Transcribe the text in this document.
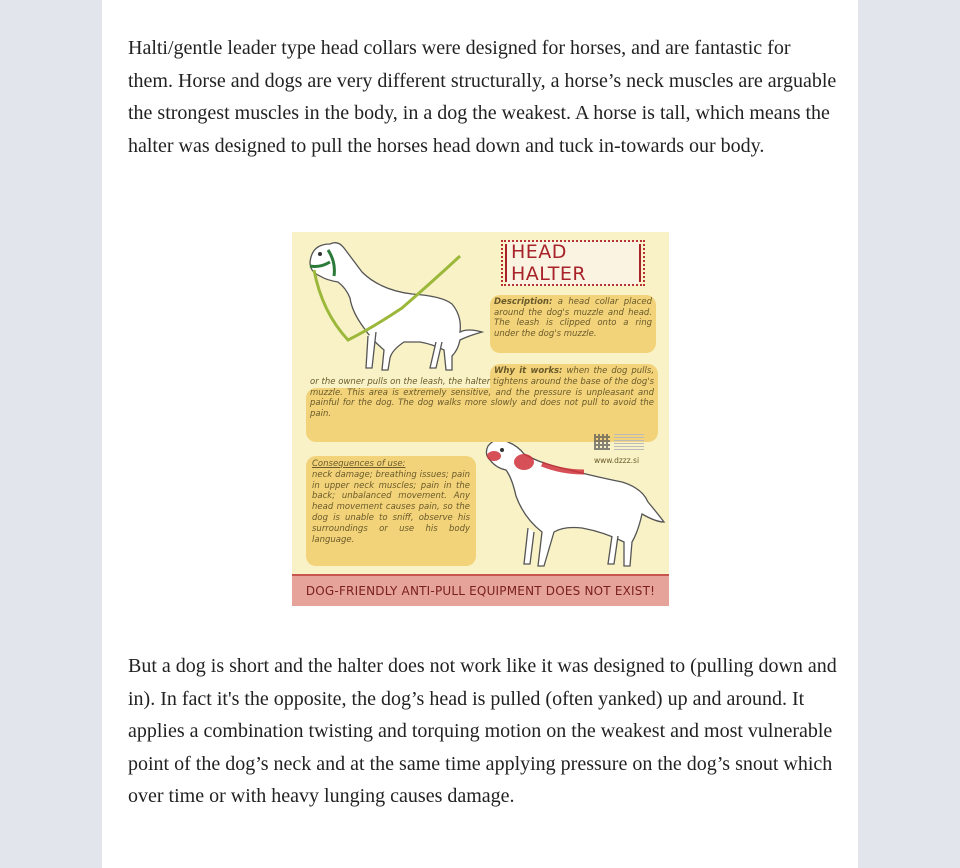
Halti/gentle leader type head collars were designed for horses, and are fantastic for them. Horse and dogs are very different structurally, a horse’s neck muscles are arguable the strongest muscles in the body, in a dog the weakest. A horse is tall, which means the halter was designed to pull the horses head down and tuck in-towards our body.

HEAD HALTER
Description: a head collar placed around the dog's muzzle and head. The leash is clipped onto a ring under the dog's muzzle.
Why it works: when the dog pulls, or the owner pulls on the leash, the halter tightens around the base of the dog's muzzle. This area is extremely sensitive, and the pressure is unpleasant and painful for the dog. The dog walks more slowly and does not pull to avoid the pain.
www.dzzz.si
Consequences of use:
neck damage; breathing issues; pain in upper neck muscles; pain in the back; unbalanced movement. Any head movement causes pain, so the dog is unable to sniff, observe his surroundings or use his body language.
DOG-FRIENDLY ANTI-PULL EQUIPMENT DOES NOT EXIST!

But a dog is short and the halter does not work like it was designed to (pulling down and in). In fact it's the opposite, the dog’s head is pulled (often yanked) up and around. It applies a combination twisting and torquing motion on the weakest and most vulnerable point of the dog’s neck and at the same time applying pressure on the dog’s snout which over time or with heavy lunging causes damage.
